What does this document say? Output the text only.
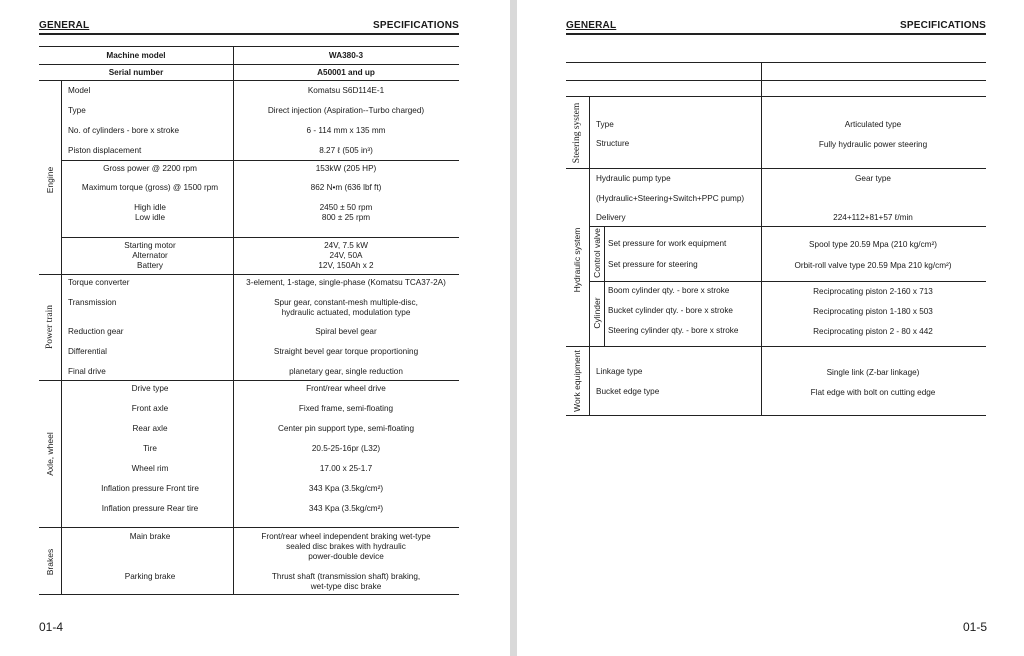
GENERAL	SPECIFICATIONS
Machine model	WA380-3
Serial number	A50001 and up
Engine
Model	Komatsu S6D114E-1
Type	Direct injection (Aspiration--Turbo charged)
No. of cylinders - bore x stroke	6 - 114 mm x 135 mm
Piston displacement	8.27 ℓ (505 in³)
Gross power @ 2200 rpm	153kW (205 HP)
Maximum torque (gross) @ 1500 rpm	862 N•m (636 lbf ft)
High idle	2450 ± 50 rpm
Low idle	800 ± 25 rpm
Starting motor	24V, 7.5 kW
Alternator	24V, 50A
Battery	12V, 150Ah x 2
Power train
Torque converter	3-element, 1-stage, single-phase (Komatsu TCA37-2A)
Transmission	Spur gear, constant-mesh multiple-disc,
hydraulic actuated, modulation type
Reduction gear	Spiral bevel gear
Differential	Straight bevel gear torque proportioning
Final drive	planetary gear, single reduction
Axle, wheel
Drive type	Front/rear wheel drive
Front axle	Fixed frame, semi-floating
Rear axle	Center pin support type, semi-floating
Tire	20.5-25-16pr (L32)
Wheel rim	17.00 x 25-1.7
Inflation pressure Front tire	343 Kpa (3.5kg/cm²)
Inflation pressure Rear tire	343 Kpa (3.5kg/cm²)
Brakes
Main brake	Front/rear wheel independent braking wet-type
sealed disc brakes with hydraulic
power-double device
Parking brake	Thrust shaft (transmission shaft) braking,
wet-type disc brake
01-4
GENERAL	SPECIFICATIONS
Steering system Type	Articulated type
Structure	Fully hydraulic power steering
Hydraulic system
Hydraulic pump type	Gear type
(Hydraulic+Steering+Switch+PPC pump)
Delivery	224+112+81+57 ℓ/min
Control valve Set pressure for work equipment	Spool type 20.59 Mpa (210 kg/cm²)
Set pressure for steering	Orbit-roll valve type 20.59 Mpa 210 kg/cm²)
Cylinder
Boom cylinder qty. - bore x stroke	Reciprocating piston 2-160 x 713
Bucket cylinder qty. - bore x stroke	Reciprocating piston 1-180 x 503
Steering cylinder qty. - bore x stroke	Reciprocating piston 2 - 80 x 442
Work equipment Linkage type	Single link (Z-bar linkage)
Bucket edge type	Flat edge with bolt on cutting edge
01-5
